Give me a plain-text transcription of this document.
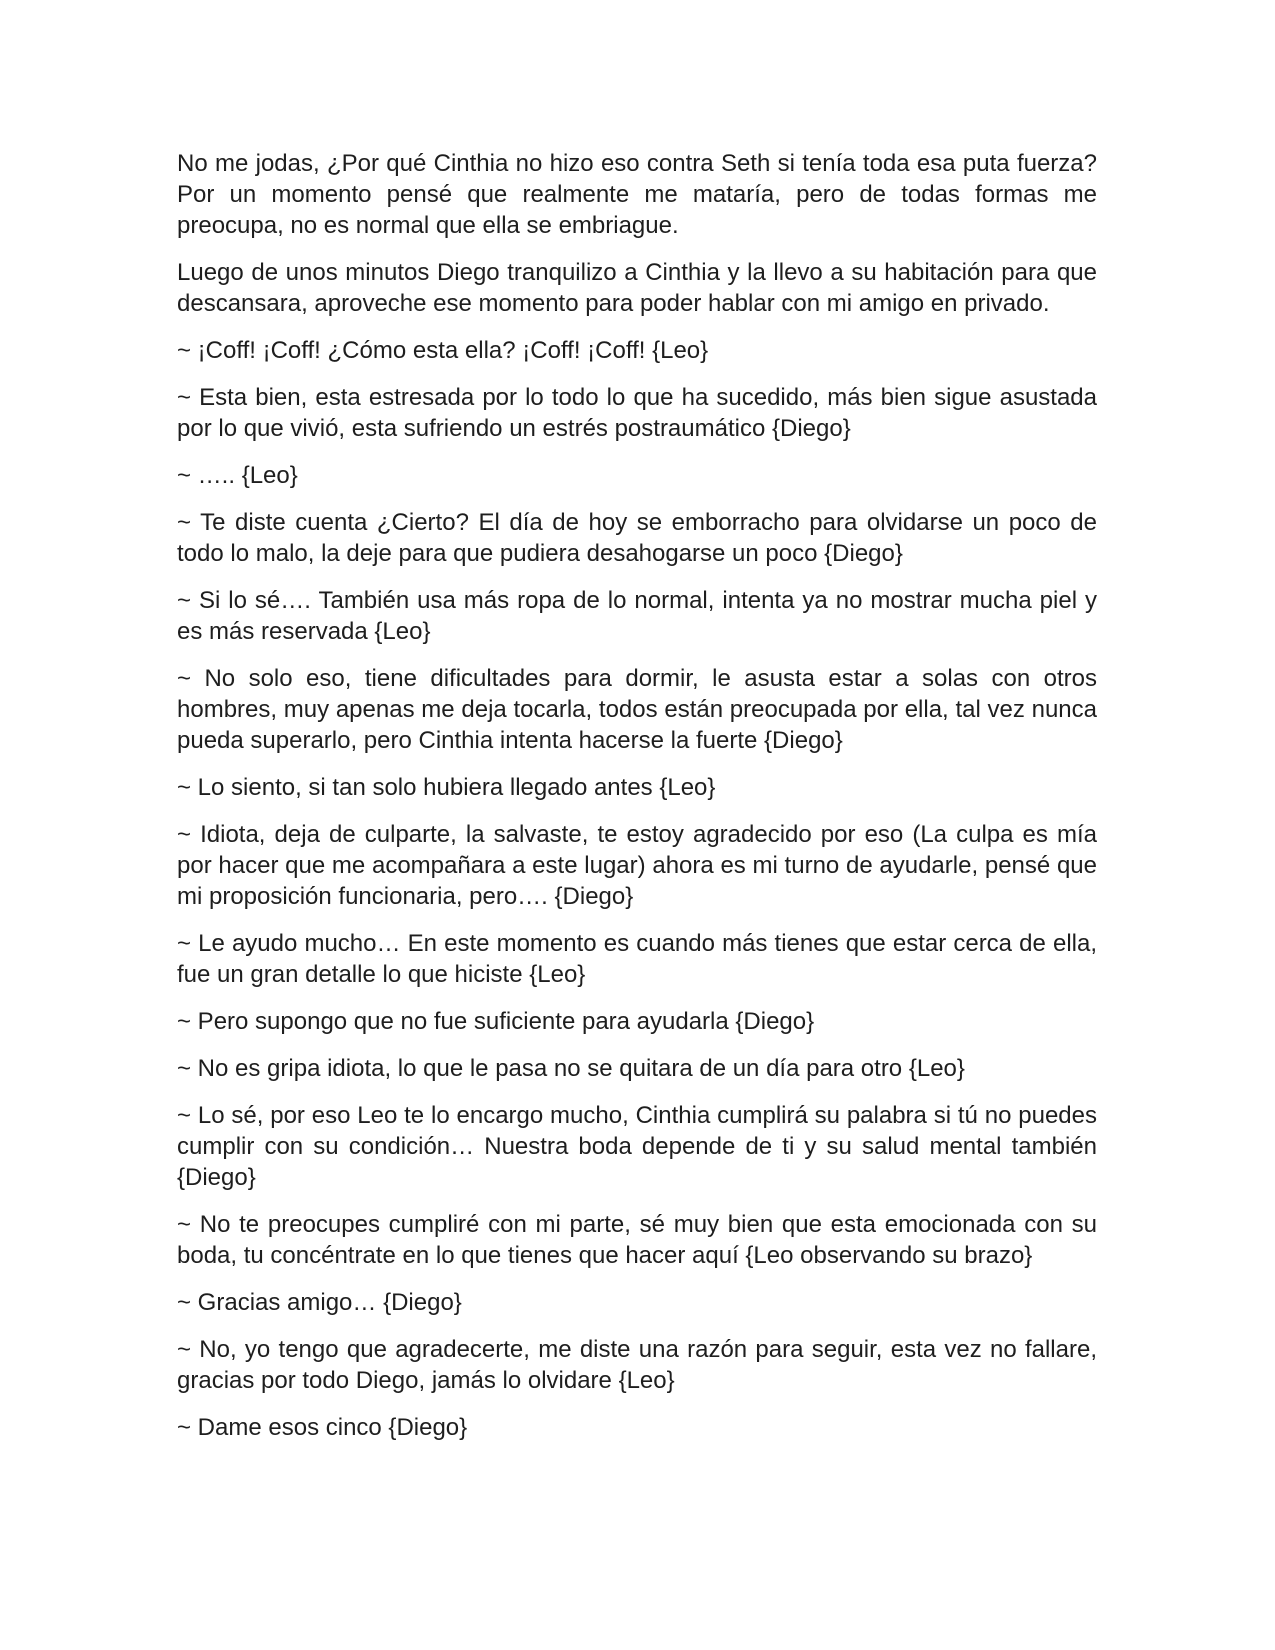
No me jodas, ¿Por qué Cinthia no hizo eso contra Seth si tenía toda esa puta fuerza? Por un momento pensé que realmente me mataría, pero de todas formas me preocupa, no es normal que ella se embriague.

Luego de unos minutos Diego tranquilizo a Cinthia y la llevo a su habitación para que descansara, aproveche ese momento para poder hablar con mi amigo en privado.

~ ¡Coff! ¡Coff! ¿Cómo esta ella? ¡Coff! ¡Coff! {Leo}

~ Esta bien, esta estresada por lo todo lo que ha sucedido, más bien sigue asustada por lo que vivió, esta sufriendo un estrés postraumático {Diego}

~ ….. {Leo}

~ Te diste cuenta ¿Cierto? El día de hoy se emborracho para olvidarse un poco de todo lo malo, la deje para que pudiera desahogarse un poco {Diego}

~ Si lo sé…. También usa más ropa de lo normal, intenta ya no mostrar mucha piel y es más reservada {Leo}

~ No solo eso, tiene dificultades para dormir, le asusta estar a solas con otros hombres, muy apenas me deja tocarla, todos están preocupada por ella, tal vez nunca pueda superarlo, pero Cinthia intenta hacerse la fuerte {Diego}

~ Lo siento, si tan solo hubiera llegado antes {Leo}

~ Idiota, deja de culparte, la salvaste, te estoy agradecido por eso (La culpa es mía por hacer que me acompañara a este lugar) ahora es mi turno de ayudarle, pensé que mi proposición funcionaria, pero…. {Diego}

~ Le ayudo mucho… En este momento es cuando más tienes que estar cerca de ella, fue un gran detalle lo que hiciste {Leo}

~ Pero supongo que no fue suficiente para ayudarla {Diego}

~ No es gripa idiota, lo que le pasa no se quitara de un día para otro {Leo}

~ Lo sé, por eso Leo te lo encargo mucho, Cinthia cumplirá su palabra si tú no puedes cumplir con su condición… Nuestra boda depende de ti y su salud mental también {Diego}

~ No te preocupes cumpliré con mi parte, sé muy bien que esta emocionada con su boda, tu concéntrate en lo que tienes que hacer aquí {Leo observando su brazo}

~ Gracias amigo… {Diego}

~ No, yo tengo que agradecerte, me diste una razón para seguir, esta vez no fallare, gracias por todo Diego, jamás lo olvidare {Leo}

~ Dame esos cinco {Diego}
